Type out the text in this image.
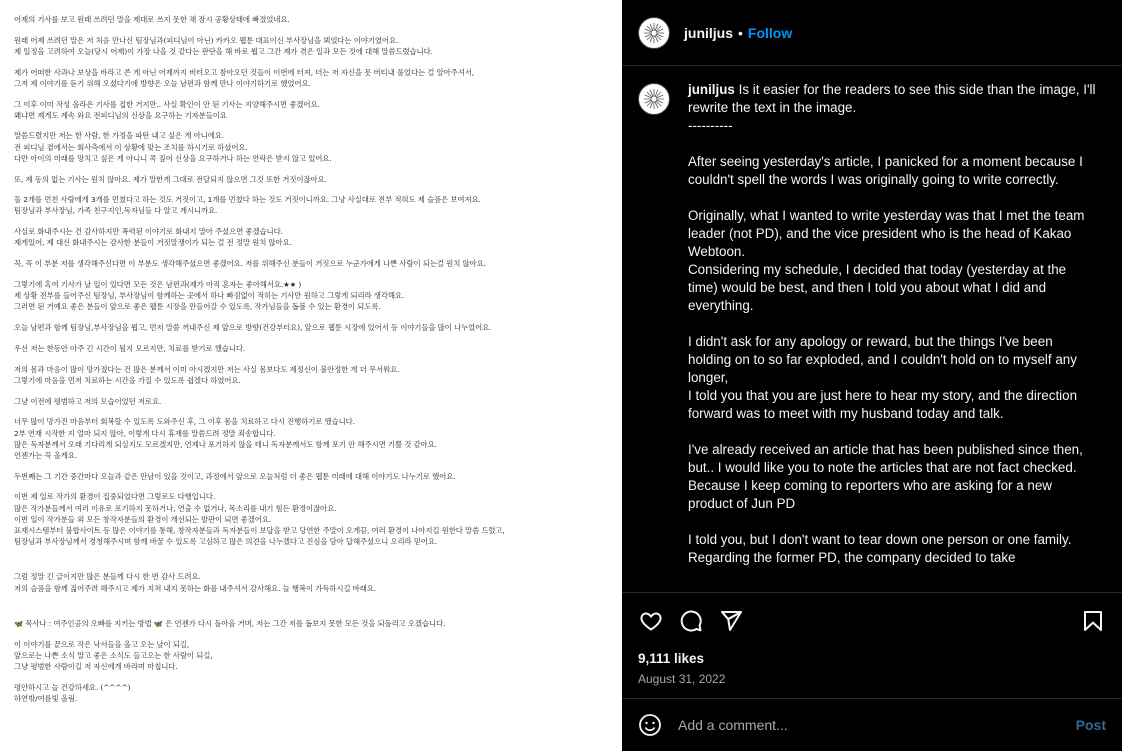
어제의 기사를 보고 원래 쓰려던 말을 제대로 쓰지 못한 채 잠시 공황상태에 빠졌었네요.
원래 어제 쓰려던 말은 저 처음 만나신 팀장님과(피디님이 아닌) 카카오 웹툰 대표이신 부사장님을 뵈었다는 이야기였어요.
제 일정을 고려하여 오늘(당시 어제)이 가장 나을 것 같다는 판단을 해 바로 뵙고 그간 제가 겪은 일과 모든 것에 대해 말씀드렸습니다.
제가 어떠한 사과나 보상을 바라고 쓴 게 아닌 어제까지 버텨오고 참아오던 것들이 이번에 터져, 더는 저 자신을 못 버티내 풀었다는 걸 알아주셔서,
그저 제 이야기를 듣기 위해 오셨다기에 방향은 오늘 남편과 함께 만나 이야기하기로 했었어요.
그 이후 이미 작성 올라온 기사를 접한 거지만.. 사실 확인이 안 된 기사는 지양해주시면 좋겠어요.
왜냐면 제게도 계속 와요 전피디님의 신상을 요구하는 기자분들이요
말씀드렸지만 저는 한 사람, 한 가정을 파탄 내고 싶은 게 아니에요.
전 피디님 곁에서는 회사측에서 이 상황에 맞는 조치를 하시기로 하셨어요.
다만 아이의 미래를 망치고 싶은 게 아니니 콕 짚어 신상을 요구하거나 하는 연락은 받지 않고 있어요.
또, 제 동의 없는 기사는 원치 않아요. 제가 말한게 그대로 전달되지 않으면 그것 또한 거짓이잖아요.
둘 2개를 먼친 사람에게 3개를 먼쳤다고 하는 것도 거짓이고, 1개를 먼쳤다 하는 것도 거짓이니까요. 그냥 사실대로 전부 적혀도 제 슬픔은 보여져요.
팀장님과 부사장님, 가족 친구지인,독자님들 다 알고 계시니까요.
사실로 화내주시는 건 감사하지만 폭력된 이야기로 화내지 말아 주셨으면 좋겠습니다.
제게있어, 제 대신 화내주시는 감사한 분들이 거짓말쟁이가 되는 걸 전 정말 원치 않아요.
꼭, 꼭 이 부분 저를 생각해주신다면 이 부분도 생각해주셨으면 좋겠어요. 저를 위해주신 분들이 거짓으로 누군가에게 나쁜 사람이 되는걸 원치 않아요.
그렇기에 혹여 기사가 날 일이 있다면 모든 것은 남편과(제가 아직 혼자는 좋아해서요.★★ )
제 상황 전부를 들어주신 팀장님, 부사장님이 함께하는 곳에서 하나 빠짐없이 적히는 기사만 원하고 그렇게 되리라 생각해요.
그러면 된 거예요 좋은 분들이 앞으로 좋은 웹툰 시장을 만들어갈 수 있도록, 작가님들을 돕볼 수 있는 환경이 되도록.
오늘 남편과 함께 팀장님,부사장님을 뵙고, 먼저 말씀 꺼내주신 제 앞으로 방향(건강부터요), 앞으로 웹툰 시장에 있어서 등 이야기들을 많이 나누었어요.
우선 저는 한동안 아주 긴 시간이 될지 모르지만, 치료를 받기로 했습니다.
저의 몸과 마음이 많이 망가졌다는 건 많은 분께서 이미 아시겠지만 저는 사실 몸보다도 제정신이 불안정한 게 더 무서워요.
그렇기에 마음을 먼저 치료하는 시간을 가질 수 있도록 쉽겠다 하였어요.
그냥 이전에 평범하고 저의 모습이었던 저로요.
너무 많이 망가진 마음부터 회복할 수 있도록 도와주신 후, 그 이후 몸을 치료하고 다시 진행하기로 했습니다.
2부 연재 시작한 지 얼마 되지 않아, 이렇게 다시 휴재를 말씀드려 정말 죄송합니다.
많은 독자분께서 오래 기다리게 되실지도 모르겠지만, 언제나 포기하지 않을 테니 독자분께서도 함께 포기 안 해주시면 기쁠 것 같아요.
언젠가는 꼭 올게요.
두번째는 그 기간 중간마다 오늘과 같은 만남이 있을 것이고, 과정에서 앞으로 오늘처럼 더 좋은 웹툰 미래에 대해 이야기도 나누기로 했어요.
이번 제 일로 작가의 환경이 집중되었다면 그렇로도 다행입니다.
많은 작가분들께서 여러 이유로 포기하지 못하거나, 연출 수 없거나, 목소리를 내기 힘든 환경이잖아요.
이번 일이 작가분들 외 모든 창작자분들의 환경이 개선되는 발판이 되면 좋겠어요.
표재시스템부터 불합사이트 등 많은 이야기를 통해, 창작자분들과 독자분들이 보답을 받고 당연한 주말이 오게끔, 여러 환경이 나아지길 원한다 말씀 드렸고,
팀장님과 부사장님께서 경청해주시며 함께 바꿀 수 있도록 고심하고 많은 의견을 나누겠다고 진심을 담아 답해주셨으니 오리라 믿어요.
그럼 정말 긴 글이지만 많은 분들께 다시 한 번 감사 드려요.
저의 슬픔을 함께 짊어주려 해주시고 제가 지쳐 내지 못하는 화를 내주셔서 감사해요. 늘 행복이 가득하시길 바래요.
🦋 목사나 : 여주인공의 오빠를 지키는 방법 🦋 은 언젠가 다시 돌아올 거며, 저는 그간 저를 돕보지 못한 모든 것을 되돌리고 오겠습니다.
이 이야기를 끝으로 작은 낙서들을 올고 오는 날이 되길,
앞으로는 나쁜 소식 말고 좋은 소식도 들고오는 한 사람이 되길,
그냥 평범한 사람이길 저 자신에게 바라며 마칩니다.
평안하시고 늘 건강하세요. (^^^^)
하연밖/여름빛 올림.
juniljus • Follow
juniljus Is it easier for the readers to see this side than the image, I'll rewrite the text in the image.
----------
After seeing yesterday's article, I panicked for a moment because I couldn't spell the words I was originally going to write correctly.
Originally, what I wanted to write yesterday was that I met the team leader (not PD), and the vice president who is the head of Kakao Webtoon.
Considering my schedule, I decided that today (yesterday at the time) would be best, and then I told you about what I did and everything.
I didn't ask for any apology or reward, but the things I've been holding on to so far exploded, and I couldn't hold on to myself any longer,
I told you that you are just here to hear my story, and the direction forward was to meet with my husband today and talk.
I've already received an article that has been published since then, but.. I would like you to note the articles that are not fact checked.
Because I keep coming to reporters who are asking for a new product of Jun PD
I told you, but I don't want to tear down one person or one family.
Regarding the former PD, the company decided to take
9,111 likes
August 31, 2022
Add a comment...
Post
